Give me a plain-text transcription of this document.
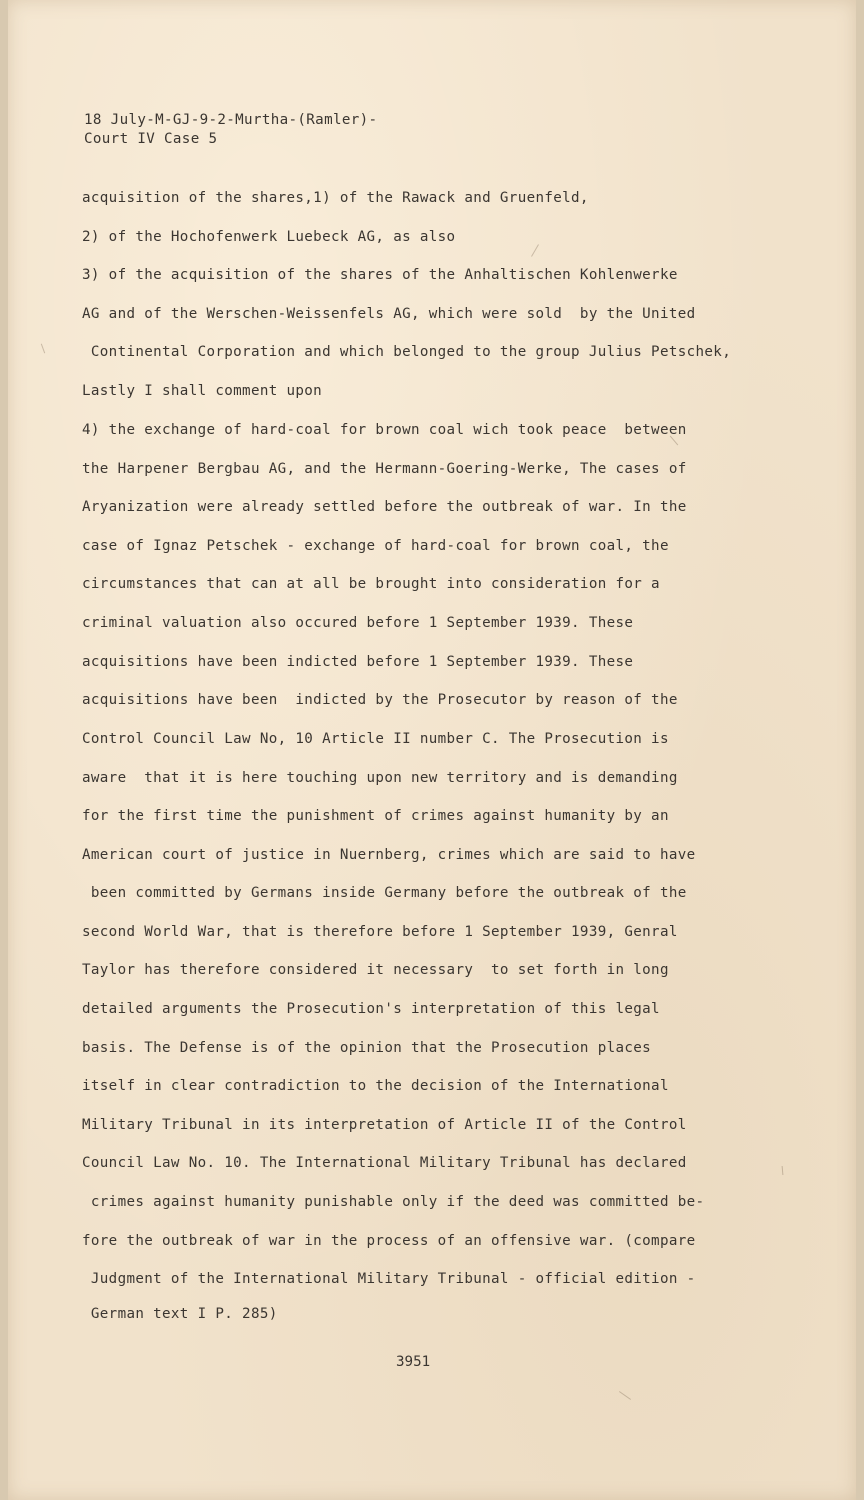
18 July-M-GJ-9-2-Murtha-(Ramler)-
Court IV Case 5
acquisition of the shares,1) of the Rawack and Gruenfeld,
2) of the Hochofenwerk Luebeck AG, as also
3) of the acquisition of the shares of the Anhaltischen Kohlenwerke
AG and of the Werschen-Weissenfels AG, which were sold  by the United
Continental Corporation and which belonged to the group Julius Petschek,
Lastly I shall comment upon
4) the exchange of hard-coal for brown coal wich took peace  between
the Harpener Bergbau AG, and the Hermann-Goering-Werke, The cases of
Aryanization were already settled before the outbreak of war. In the
case of Ignaz Petschek - exchange of hard-coal for brown coal, the
circumstances that can at all be brought into consideration for a
criminal valuation also occured before 1 September 1939. These
acquisitions have been indicted before 1 September 1939. These
acquisitions have been  indicted by the Prosecutor by reason of the
Control Council Law No, 10 Article II number C. The Prosecution is
aware  that it is here touching upon new territory and is demanding
for the first time the punishment of crimes against humanity by an
American court of justice in Nuernberg, crimes which are said to have
been committed by Germans inside Germany before the outbreak of the
second World War, that is therefore before 1 September 1939, Genral
Taylor has therefore considered it necessary  to set forth in long
detailed arguments the Prosecution's interpretation of this legal
basis. The Defense is of the opinion that the Prosecution places
itself in clear contradiction to the decision of the International
Military Tribunal in its interpretation of Article II of the Control
Council Law No. 10. The International Military Tribunal has declared
crimes against humanity punishable only if the deed was committed be-
fore the outbreak of war in the process of an offensive war. (compare
Judgment of the International Military Tribunal - official edition -
German text I P. 285)
3951
